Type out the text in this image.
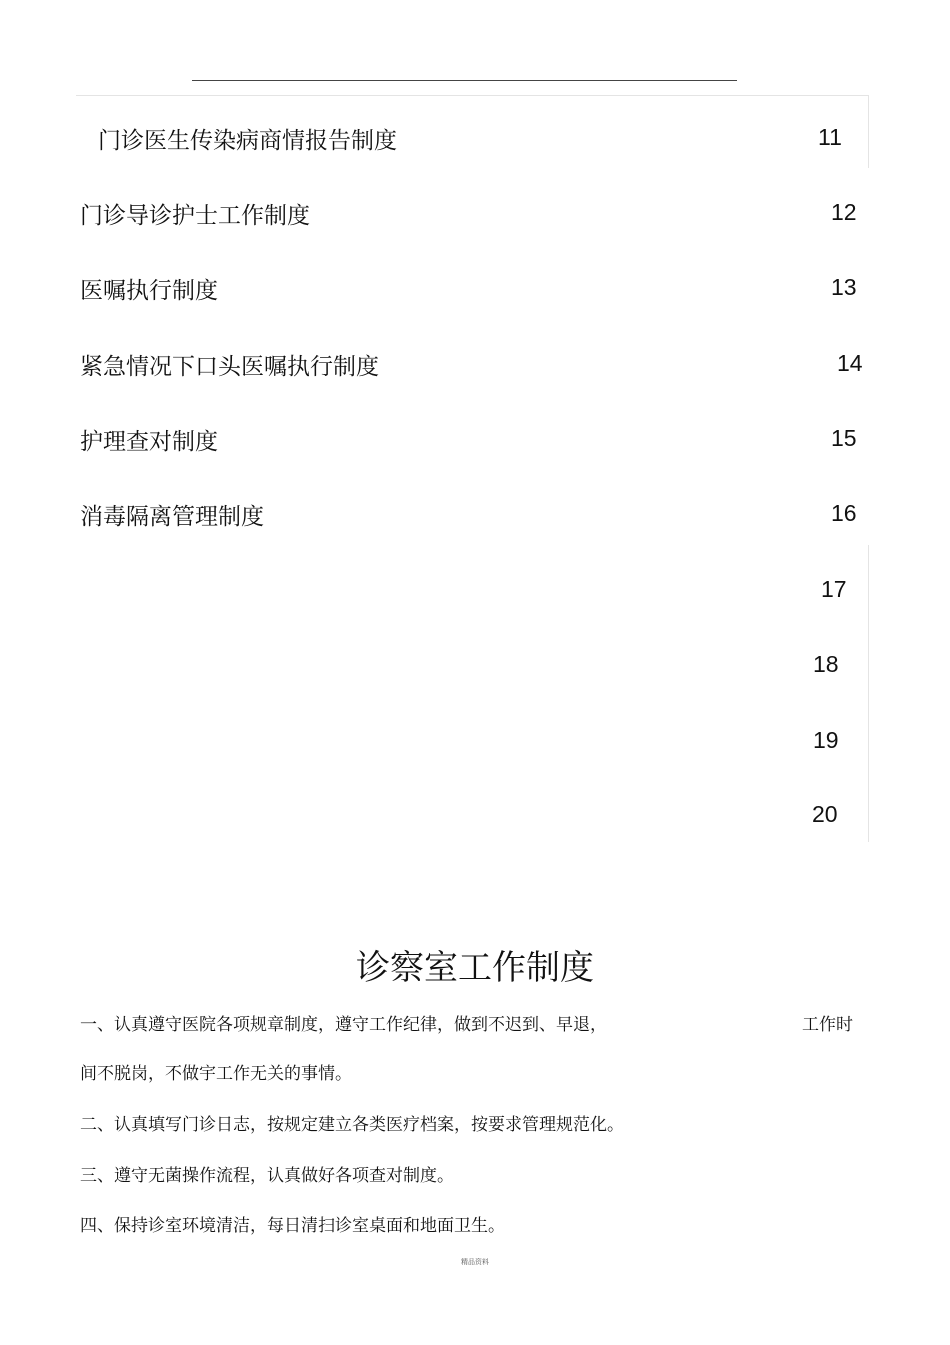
门诊医生传染病商情报告制度	11
门诊导诊护士工作制度	12
医嘱执行制度	13
紧急情况下口头医嘱执行制度	14
护理查对制度	15
消毒隔离管理制度	16
17
18
19
20
诊察室工作制度
一、认真遵守医院各项规章制度，遵守工作纪律，做到不迟到、早退，	工作时
间不脱岗，不做宇工作无关的事情。
二、认真填写门诊日志，按规定建立各类医疗档案，按要求管理规范化。
三、遵守无菌操作流程，认真做好各项查对制度。
四、保持诊室环境清洁，每日清扫诊室桌面和地面卫生。
精品资料
